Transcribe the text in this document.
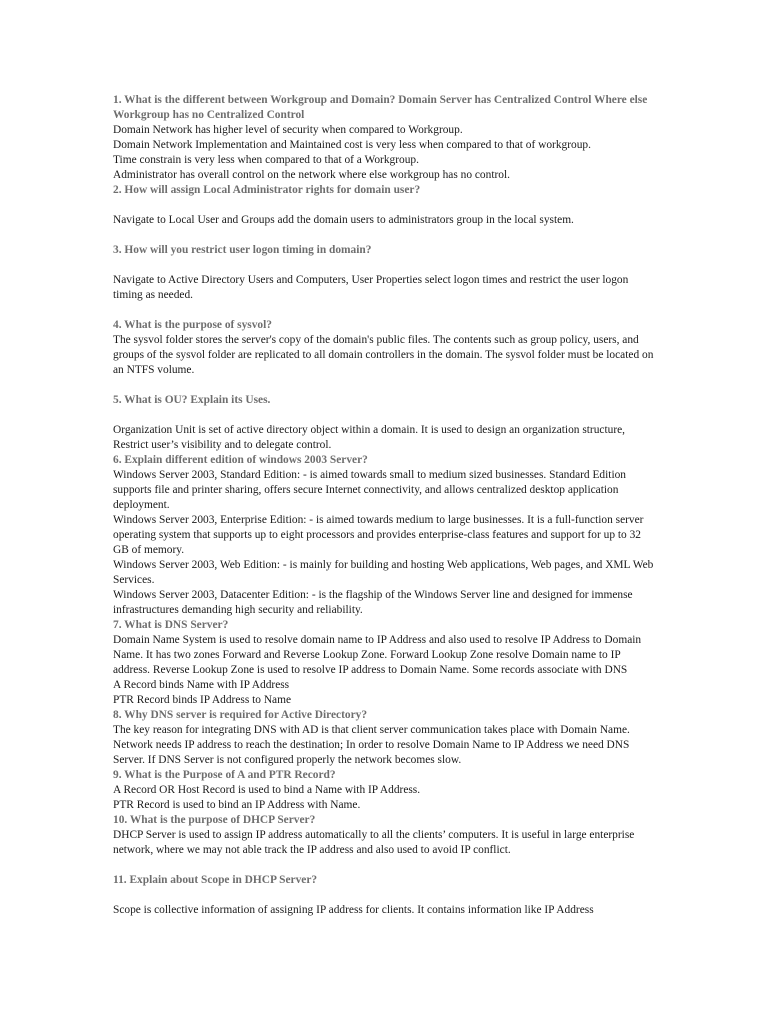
1. What is the different between Workgroup and Domain? Domain Server has Centralized Control Where else Workgroup has no Centralized Control
Domain Network has higher level of security when compared to Workgroup.
Domain Network Implementation and Maintained cost is very less when compared to that of workgroup.
Time constrain is very less when compared to that of a Workgroup.
Administrator has overall control on the network where else workgroup has no control.
2. How will assign Local Administrator rights for domain user?
Navigate to Local User and Groups add the domain users to administrators group in the local system.
3. How will you restrict user logon timing in domain?
Navigate to Active Directory Users and Computers, User Properties select logon times and restrict the user logon timing as needed.
4. What is the purpose of sysvol?
The sysvol folder stores the server's copy of the domain's public files. The contents such as group policy, users, and groups of the sysvol folder are replicated to all domain controllers in the domain. The sysvol folder must be located on an NTFS volume.
5. What is OU? Explain its Uses.
Organization Unit is set of active directory object within a domain. It is used to design an organization structure, Restrict user’s visibility and to delegate control.
6. Explain different edition of windows 2003 Server?
Windows Server 2003, Standard Edition: - is aimed towards small to medium sized businesses. Standard Edition supports file and printer sharing, offers secure Internet connectivity, and allows centralized desktop application deployment.
Windows Server 2003, Enterprise Edition: - is aimed towards medium to large businesses. It is a full-function server operating system that supports up to eight processors and provides enterprise-class features and support for up to 32 GB of memory.
Windows Server 2003, Web Edition: - is mainly for building and hosting Web applications, Web pages, and XML Web Services.
Windows Server 2003, Datacenter Edition: - is the flagship of the Windows Server line and designed for immense infrastructures demanding high security and reliability.
7. What is DNS Server?
Domain Name System is used to resolve domain name to IP Address and also used to resolve IP Address to Domain Name. It has two zones Forward and Reverse Lookup Zone. Forward Lookup Zone resolve Domain name to IP address. Reverse Lookup Zone is used to resolve IP address to Domain Name. Some records associate with DNS
A Record binds Name with IP Address
PTR Record binds IP Address to Name
8. Why DNS server is required for Active Directory?
The key reason for integrating DNS with AD is that client server communication takes place with Domain Name. Network needs IP address to reach the destination; In order to resolve Domain Name to IP Address we need DNS Server. If DNS Server is not configured properly the network becomes slow.
9. What is the Purpose of A and PTR Record?
A Record OR Host Record is used to bind a Name with IP Address.
PTR Record is used to bind an IP Address with Name.
10. What is the purpose of DHCP Server?
DHCP Server is used to assign IP address automatically to all the clients’ computers. It is useful in large enterprise network, where we may not able track the IP address and also used to avoid IP conflict.
11. Explain about Scope in DHCP Server?
Scope is collective information of assigning IP address for clients. It contains information like IP Address
